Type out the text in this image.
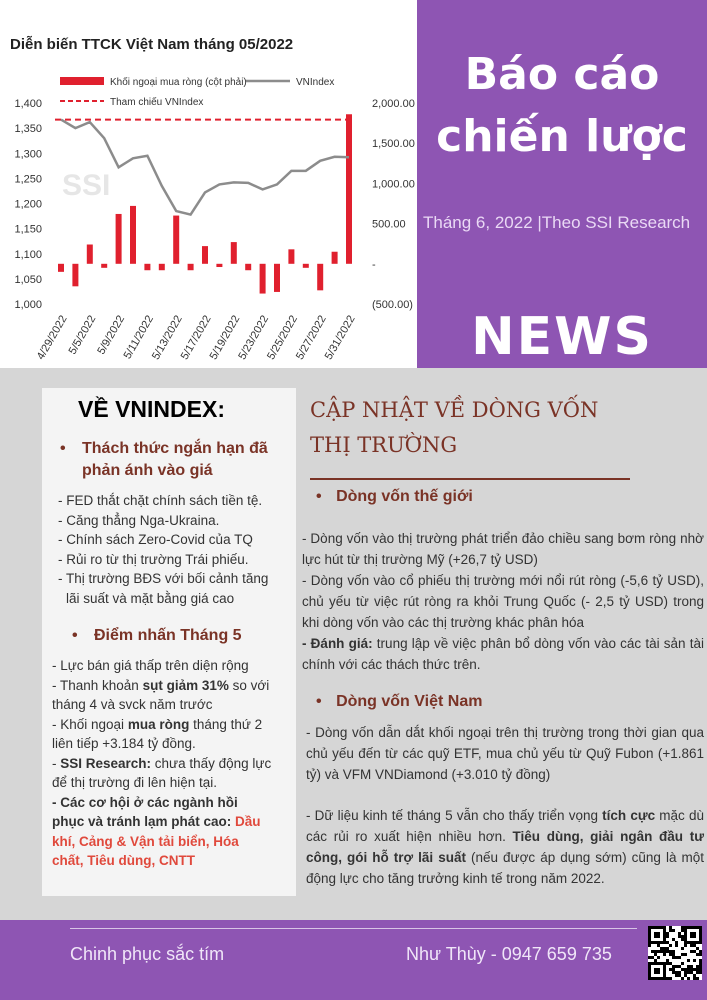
Diễn biến TTCK Việt Nam tháng 05/2022
SSI
1,400
1,350
1,300
1,250
1,200
1,150
1,100
1,050
1,000
2,000.00
1,500.00
1,000.00
500.00
-
(500.00)
Khối ngoại mua ròng (cột phải)	VNIndex
Tham chiếu VNIndex
4/29/2022
5/5/2022
5/9/2022
5/11/2022
5/13/2022
5/17/2022
5/19/2022
5/23/2022
5/25/2022
5/27/2022
5/31/2022
Báo cáo
chiến lược
Tháng 6, 2022 |Theo SSI Research
NEWS
VỀ VNINDEX:
•	Thách thức ngắn hạn đã phản ánh vào giá
- FED thắt chặt chính sách tiền tệ.
- Căng thẳng Nga-Ukraina.
- Chính sách Zero-Covid của TQ
- Rủi ro từ thị trường Trái phiếu.
- Thị trường BĐS với bối cảnh tăng
lãi suất và mặt bằng giá cao
•	Điểm nhấn Tháng 5
- Lực bán giá thấp trên diện rộng
- Thanh khoản sụt giảm 31% so với
tháng 4 và svck năm trước
- Khối ngoại mua ròng tháng thứ 2
liên tiếp +3.184 tỷ đồng.
- SSI Research: chưa thấy động lực
để thị trường đi lên hiện tại.
- Các cơ hội ở các ngành hồi
phục và tránh lạm phát cao: Dầu
khí, Cảng & Vận tải biển, Hóa
chất, Tiêu dùng, CNTT
CẬP NHẬT VỀ DÒNG VỐN
THỊ TRƯỜNG
• Dòng vốn thế giới
- Dòng vốn vào thị trường phát triển đảo chiều sang bơm ròng nhờ lực hút từ thị trường Mỹ (+26,7 tỷ USD)
- Dòng vốn vào cổ phiếu thị trường mới nổi rút ròng (-5,6 tỷ USD), chủ yếu từ việc rút ròng ra khỏi Trung Quốc (- 2,5 tỷ USD) trong khi dòng vốn vào các thị trường khác phân hóa
- Đánh giá: trung lập về việc phân bổ dòng vốn vào các tài sản tài chính với các thách thức trên.
• Dòng vốn Việt Nam
- Dòng vốn dẫn dắt khối ngoại trên thị trường trong thời gian qua chủ yếu đến từ các quỹ ETF, mua chủ yếu từ Quỹ Fubon (+1.861 tỷ) và VFM VNDiamond (+3.010 tỷ đồng)
- Dữ liệu kinh tế tháng 5 vẫn cho thấy triển vọng tích cực mặc dù các rủi ro xuất hiện nhiều hơn. Tiêu dùng, giải ngân đầu tư công, gói hỗ trợ lãi suất (nếu được áp dụng sớm) cũng là một động lực cho tăng trưởng kinh tế trong năm 2022.
Chinh phục sắc tím	Như Thùy - 0947 659 735
